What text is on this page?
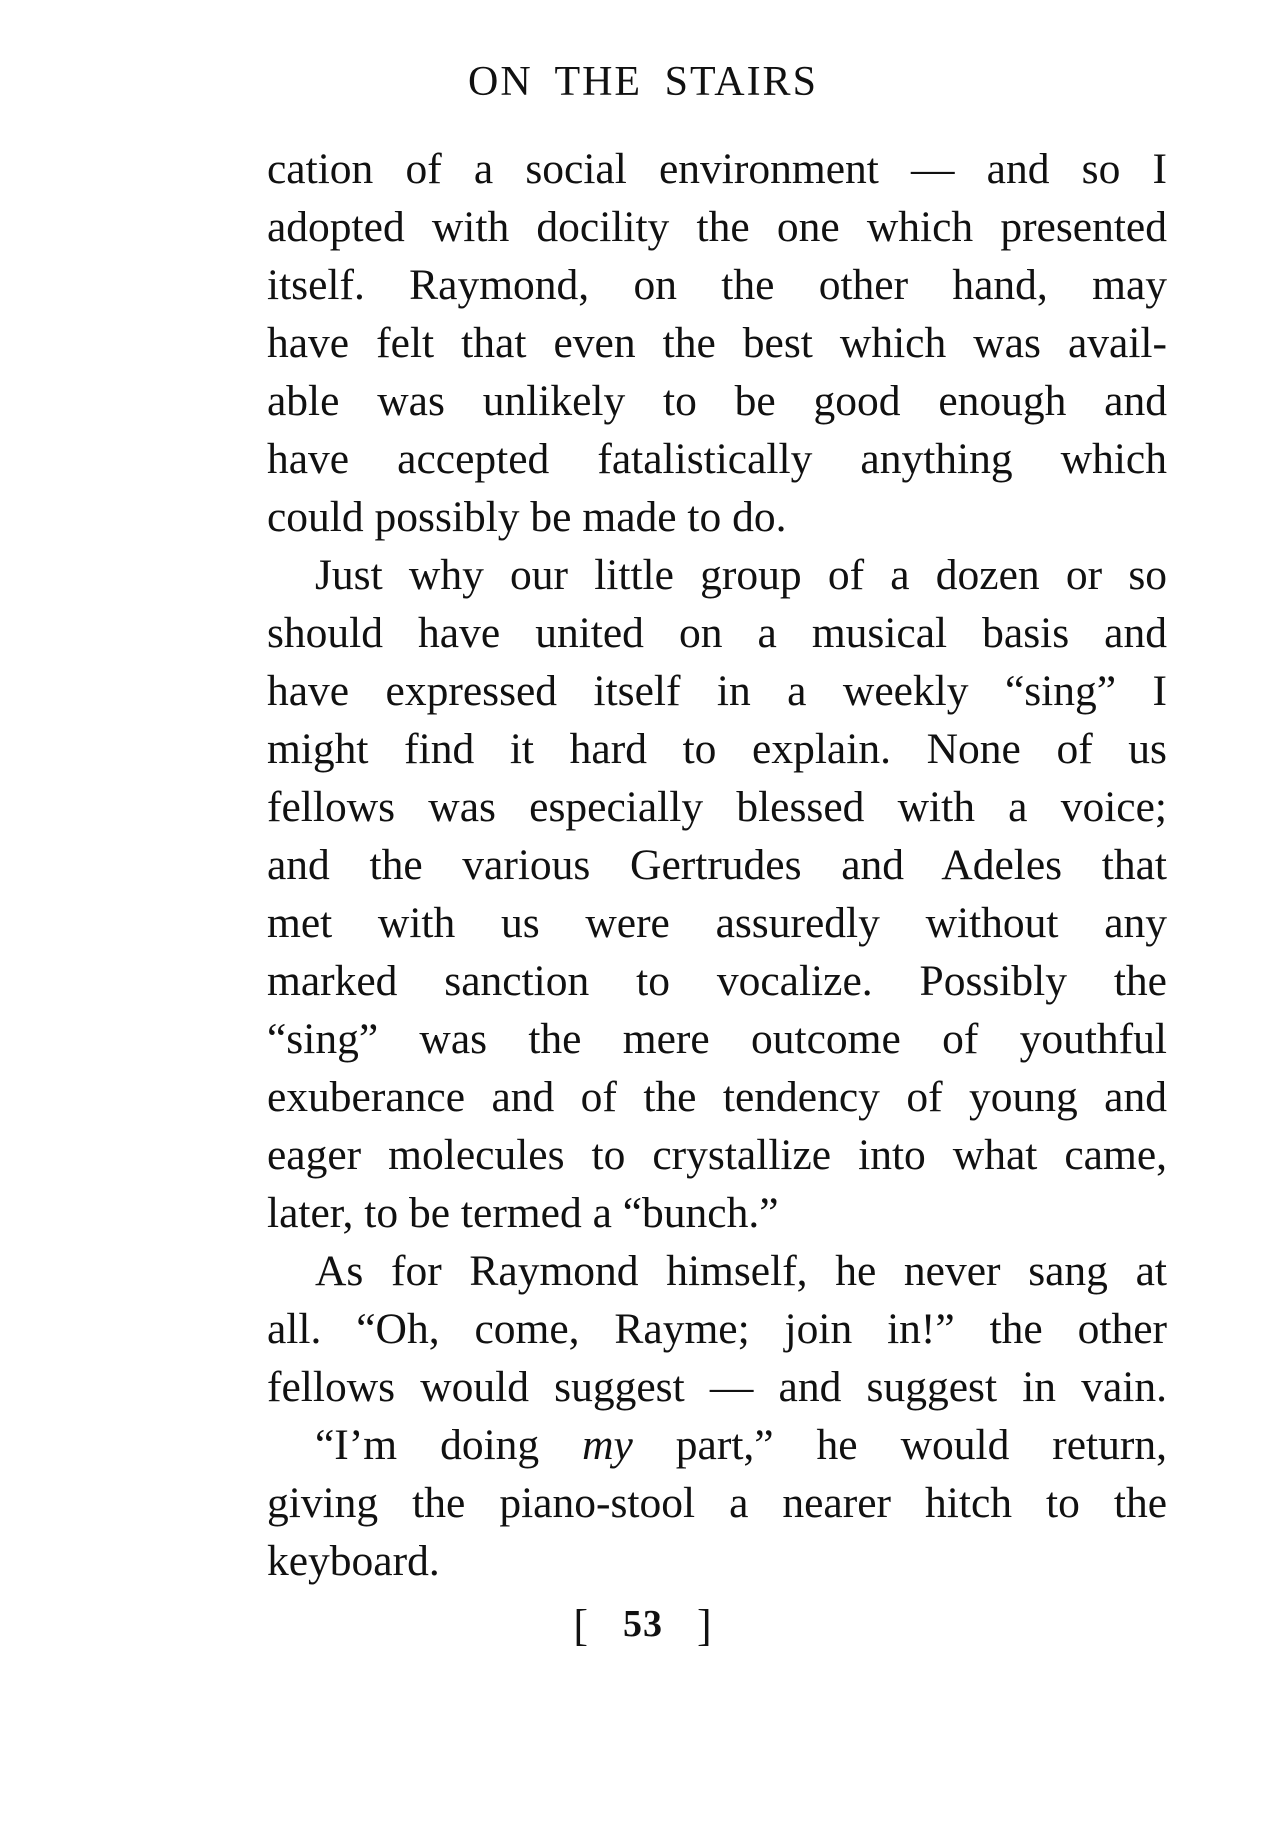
ON THE STAIRS
cation of a social environment — and so I
adopted with docility the one which presented
itself. Raymond, on the other hand, may
have felt that even the best which was avail-
able was unlikely to be good enough and
have accepted fatalistically anything which
could possibly be made to do.
Just why our little group of a dozen or so
should have united on a musical basis and
have expressed itself in a weekly “sing” I
might find it hard to explain. None of us
fellows was especially blessed with a voice;
and the various Gertrudes and Adeles that
met with us were assuredly without any
marked sanction to vocalize. Possibly the
“sing” was the mere outcome of youthful
exuberance and of the tendency of young and
eager molecules to crystallize into what came,
later, to be termed a “bunch.”
As for Raymond himself, he never sang at
all. “Oh, come, Rayme; join in!” the other
fellows would suggest — and suggest in vain.
“I’m doing my part,” he would return,
giving the piano-stool a nearer hitch to the
keyboard.
[ 53 ]
